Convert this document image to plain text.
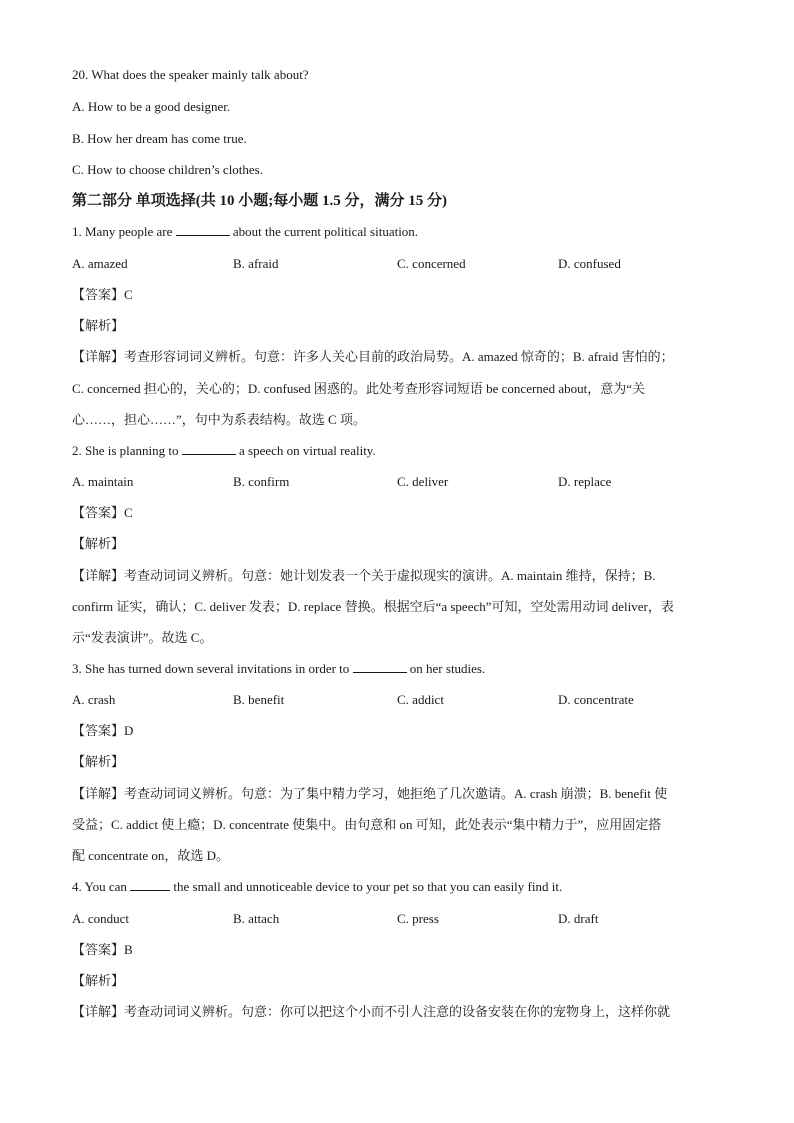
20. What does the speaker mainly talk about?
A. How to be a good designer.
B. How her dream has come true.
C. How to choose children’s clothes.
第二部分 单项选择(共 10 小题;每小题 1.5 分，满分 15 分)
1. Many people are	about the current political situation.
A. amazed	B. afraid	C. concerned	D. confused
【答案】C
【解析】
【详解】考查形容词词义辨析。句意：许多人关心目前的政治局势。A. amazed 惊奇的；B. afraid 害怕的；
C. concerned 担心的，关心的；D. confused 困惑的。此处考查形容词短语 be concerned about，意为“关
心……，担心……”，句中为系表结构。故选 C 项。
2. She is planning to	a speech on virtual reality.
A. maintain	B. confirm	C. deliver	D. replace
【答案】C
【解析】
【详解】考查动词词义辨析。句意：她计划发表一个关于虚拟现实的演讲。A. maintain 维持，保持；B.
confirm 证实，确认；C. deliver 发表；D. replace 替换。根据空后“a speech”可知，空处需用动词 deliver，表
示“发表演讲”。故选 C。
3. She has turned down several invitations in order to	on her studies.
A. crash	B. benefit	C. addict	D. concentrate
【答案】D
【解析】
【详解】考查动词词义辨析。句意：为了集中精力学习，她拒绝了几次邀请。A. crash 崩溃；B. benefit 使
受益；C. addict 使上瘾；D. concentrate 使集中。由句意和 on 可知，此处表示“集中精力于”，应用固定搭
配 concentrate on，故选 D。
4. You can	the small and unnoticeable device to your pet so that you can easily find it.
A. conduct	B. attach	C. press	D. draft
【答案】B
【解析】
【详解】考查动词词义辨析。句意：你可以把这个小而不引人注意的设备安装在你的宠物身上，这样你就
